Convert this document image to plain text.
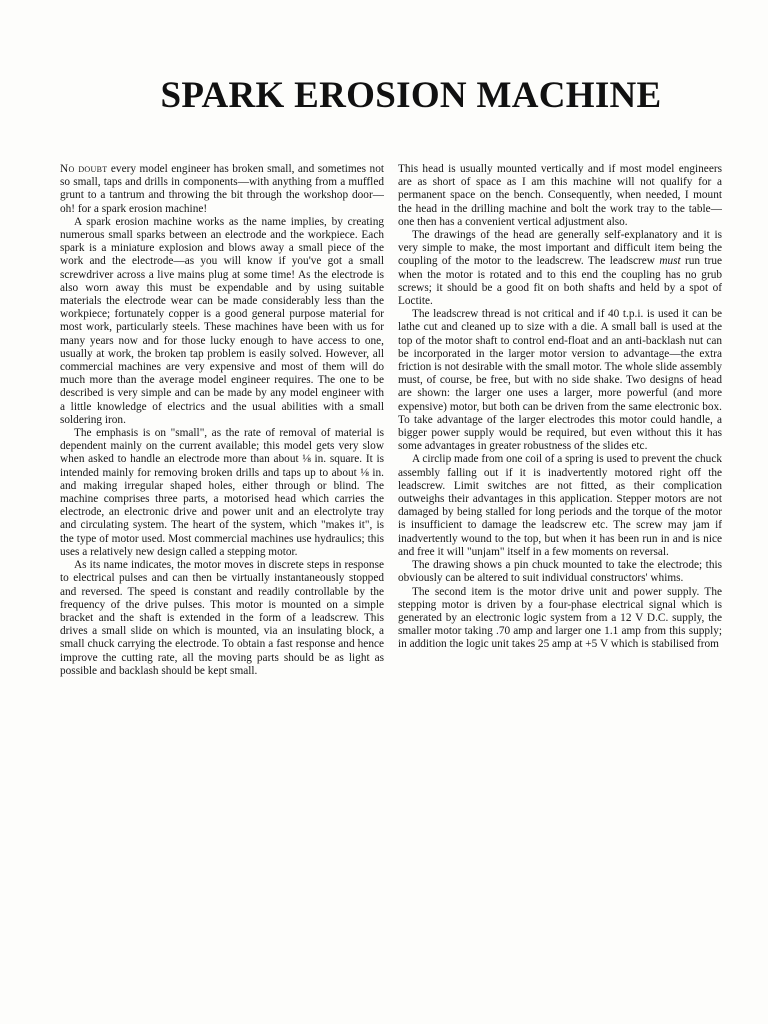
SPARK EROSION MACHINE

No doubt every model engineer has broken small, and sometimes not so small, taps and drills in components—with anything from a muffled grunt to a tantrum and throwing the bit through the workshop door—oh! for a spark erosion machine!

A spark erosion machine works as the name implies, by creating numerous small sparks between an electrode and the workpiece. Each spark is a miniature explosion and blows away a small piece of the work and the electrode—as you will know if you've got a small screwdriver across a live mains plug at some time! As the electrode is also worn away this must be expendable and by using suitable materials the electrode wear can be made considerably less than the workpiece; fortunately copper is a good general purpose material for most work, particularly steels. These machines have been with us for many years now and for those lucky enough to have access to one, usually at work, the broken tap problem is easily solved. However, all commercial machines are very expensive and most of them will do much more than the average model engineer requires. The one to be described is very simple and can be made by any model engineer with a little knowledge of electrics and the usual abilities with a small soldering iron.

The emphasis is on "small", as the rate of removal of material is dependent mainly on the current available; this model gets very slow when asked to handle an electrode more than about ⅛ in. square. It is intended mainly for removing broken drills and taps up to about ⅛ in. and making irregular shaped holes, either through or blind. The machine comprises three parts, a motorised head which carries the electrode, an electronic drive and power unit and an electrolyte tray and circulating system. The heart of the system, which "makes it", is the type of motor used. Most commercial machines use hydraulics; this uses a relatively new design called a stepping motor.

As its name indicates, the motor moves in discrete steps in response to electrical pulses and can then be virtually instantaneously stopped and reversed. The speed is constant and readily controllable by the frequency of the drive pulses. This motor is mounted on a simple bracket and the shaft is extended in the form of a leadscrew. This drives a small slide on which is mounted, via an insulating block, a small chuck carrying the electrode. To obtain a fast response and hence improve the cutting rate, all the moving parts should be as light as possible and backlash should be kept small.

This head is usually mounted vertically and if most model engineers are as short of space as I am this machine will not qualify for a permanent space on the bench. Consequently, when needed, I mount the head in the drilling machine and bolt the work tray to the table—one then has a convenient vertical adjustment also.

The drawings of the head are generally self-explanatory and it is very simple to make, the most important and difficult item being the coupling of the motor to the leadscrew. The leadscrew must run true when the motor is rotated and to this end the coupling has no grub screws; it should be a good fit on both shafts and held by a spot of Loctite.

The leadscrew thread is not critical and if 40 t.p.i. is used it can be lathe cut and cleaned up to size with a die. A small ball is used at the top of the motor shaft to control end-float and an anti-backlash nut can be incorporated in the larger motor version to advantage—the extra friction is not desirable with the small motor. The whole slide assembly must, of course, be free, but with no side shake. Two designs of head are shown: the larger one uses a larger, more powerful (and more expensive) motor, but both can be driven from the same electronic box. To take advantage of the larger electrodes this motor could handle, a bigger power supply would be required, but even without this it has some advantages in greater robustness of the slides etc.

A circlip made from one coil of a spring is used to prevent the chuck assembly falling out if it is inadvertently motored right off the leadscrew. Limit switches are not fitted, as their complication outweighs their advantages in this application. Stepper motors are not damaged by being stalled for long periods and the torque of the motor is insufficient to damage the leadscrew etc. The screw may jam if inadvertently wound to the top, but when it has been run in and is nice and free it will "unjam" itself in a few moments on reversal.

The drawing shows a pin chuck mounted to take the electrode; this obviously can be altered to suit individual constructors' whims.

The second item is the motor drive unit and power supply. The stepping motor is driven by a four-phase electrical signal which is generated by an electronic logic system from a 12 V D.C. supply, the smaller motor taking .70 amp and larger one 1.1 amp from this supply; in addition the logic unit takes 25 amp at +5 V which is stabilised from
